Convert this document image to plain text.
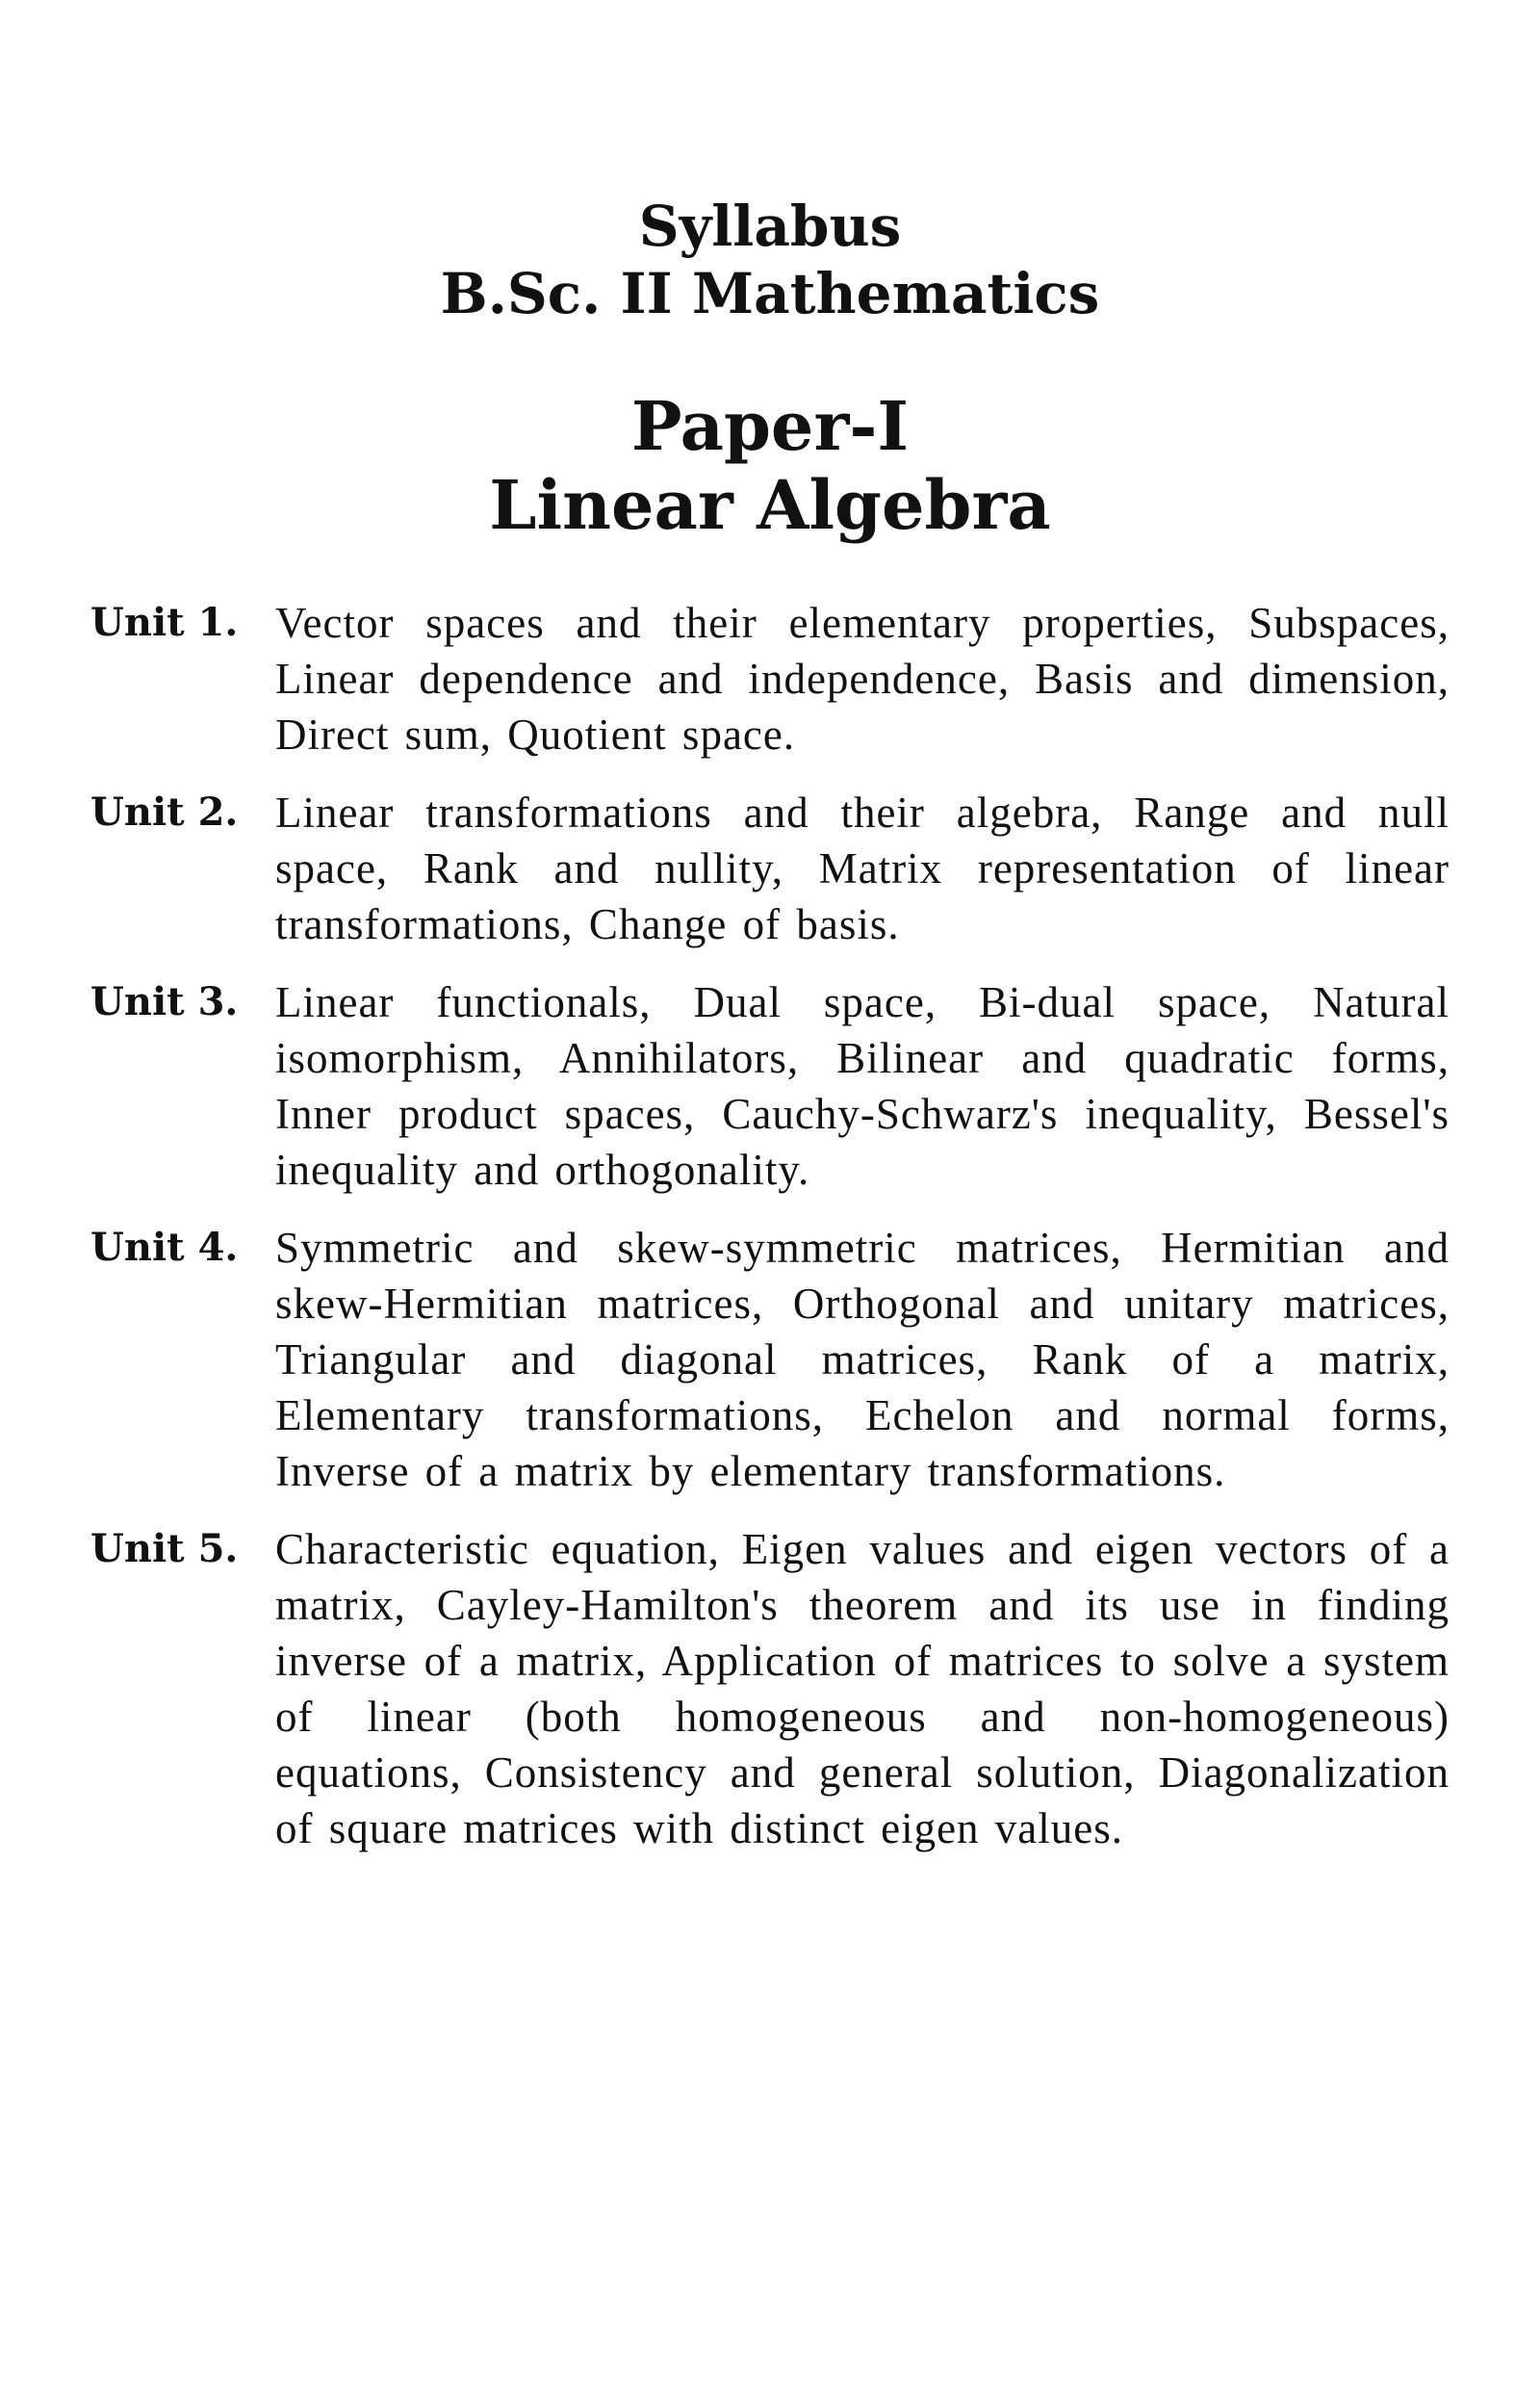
Syllabus
B.Sc. II Mathematics
Paper-I
Linear Algebra
Unit 1. Vector spaces and their elementary properties, Subspaces, Linear dependence and independence, Basis and dimension, Direct sum, Quotient space.
Unit 2. Linear transformations and their algebra, Range and null space, Rank and nullity, Matrix representation of linear transformations, Change of basis.
Unit 3. Linear functionals, Dual space, Bi-dual space, Natural isomorphism, Annihilators, Bilinear and quadratic forms, Inner product spaces, Cauchy-Schwarz's inequality, Bessel's inequality and orthogonality.
Unit 4. Symmetric and skew-symmetric matrices, Hermitian and skew-Hermitian matrices, Orthogonal and unitary matrices, Triangular and diagonal matrices, Rank of a matrix, Elementary transformations, Echelon and normal forms, Inverse of a matrix by elementary transformations.
Unit 5. Characteristic equation, Eigen values and eigen vectors of a matrix, Cayley-Hamilton's theorem and its use in finding inverse of a matrix, Application of matrices to solve a system of linear (both homogeneous and non-homogeneous) equations, Consistency and general solution, Diagonalization of square matrices with distinct eigen values.
